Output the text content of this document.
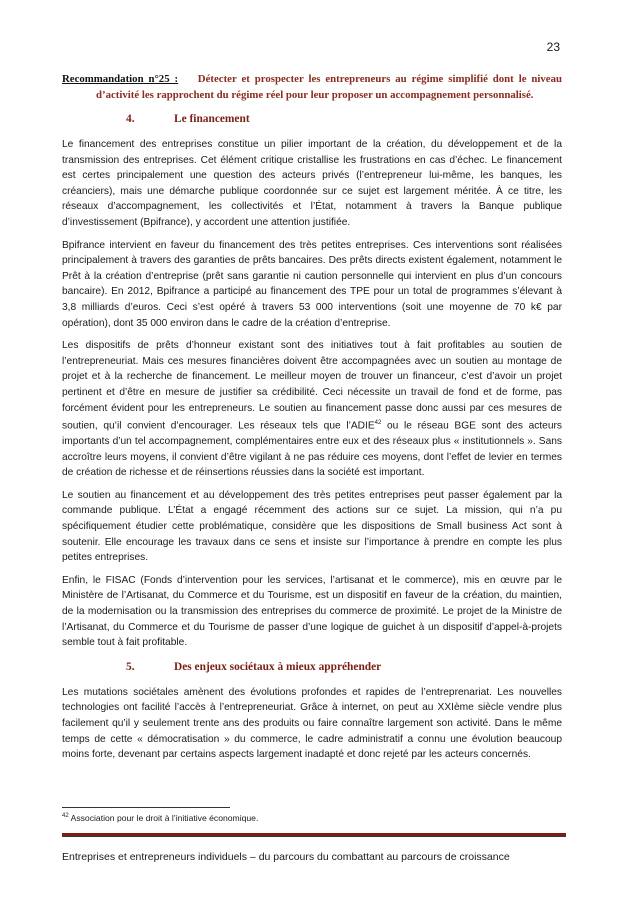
23

Recommandation n°25 : Détecter et prospecter les entrepreneurs au régime simplifié dont le niveau d’activité les rapprochent du régime réel pour leur proposer un accompagnement personnalisé.

4.	Le financement

Le financement des entreprises constitue un pilier important de la création, du développement et de la transmission des entreprises. Cet élément critique cristallise les frustrations en cas d’échec. Le financement est certes principalement une question des acteurs privés (l’entrepreneur lui-même, les banques, les créanciers), mais une démarche publique coordonnée sur ce sujet est largement méritée. À ce titre, les réseaux d’accompagnement, les collectivités et l’État, notamment à travers la Banque publique d’investissement (Bpifrance), y accordent une attention justifiée.

Bpifrance intervient en faveur du financement des très petites entreprises. Ces interventions sont réalisées principalement à travers des garanties de prêts bancaires. Des prêts directs existent également, notamment le Prêt à la création d’entreprise (prêt sans garantie ni caution personnelle qui intervient en plus d’un concours bancaire). En 2012, Bpifrance a participé au financement des TPE pour un total de programmes s’élevant à 3,8 milliards d’euros. Ceci s’est opéré à travers 53 000 interventions (soit une moyenne de 70 k€ par opération), dont 35 000 environ dans le cadre de la création d’entreprise.

Les dispositifs de prêts d’honneur existant sont des initiatives tout à fait profitables au soutien de l’entrepreneuriat. Mais ces mesures financières doivent être accompagnées avec un soutien au montage de projet et à la recherche de financement. Le meilleur moyen de trouver un financeur, c’est d’avoir un projet pertinent et d’être en mesure de justifier sa crédibilité. Ceci nécessite un travail de fond et de forme, pas forcément évident pour les entrepreneurs. Le soutien au financement passe donc aussi par ces mesures de soutien, qu’il convient d’encourager. Les réseaux tels que l’ADIE$^{42}$ ou le réseau BGE sont des acteurs importants d’un tel accompagnement, complémentaires entre eux et des réseaux plus « institutionnels ». Sans accroître leurs moyens, il convient d’être vigilant à ne pas réduire ces moyens, dont l’effet de levier en termes de création de richesse et de réinsertions réussies dans la société est important.

Le soutien au financement et au développement des très petites entreprises peut passer également par la commande publique. L’État a engagé récemment des actions sur ce sujet. La mission, qui n’a pu spécifiquement étudier cette problématique, considère que les dispositions de Small business Act sont à soutenir. Elle encourage les travaux dans ce sens et insiste sur l’importance à prendre en compte les plus petites entreprises.

Enfin, le FISAC (Fonds d’intervention pour les services, l’artisanat et le commerce), mis en œuvre par le Ministère de l’Artisanat, du Commerce et du Tourisme, est un dispositif en faveur de la création, du maintien, de la modernisation ou la transmission des entreprises du commerce de proximité. Le projet de la Ministre de l’Artisanat, du Commerce et du Tourisme de passer d’une logique de guichet à un dispositif d’appel-à-projets semble tout à fait profitable.

5.	Des enjeux sociétaux à mieux appréhender

Les mutations sociétales amènent des évolutions profondes et rapides de l’entreprenariat. Les nouvelles technologies ont facilité l’accès à l’entrepreneuriat. Grâce à internet, on peut au XXIème siècle vendre plus facilement qu’il y seulement trente ans des produits ou faire connaître largement son activité. Dans le même temps de cette « démocratisation » du commerce, le cadre administratif a connu une évolution beaucoup moins forte, devenant par certains aspects largement inadapté et donc rejeté par les acteurs concernés.

$^{42}$ Association pour le droit à l’initiative économique.
Entreprises et entrepreneurs individuels – du parcours du combattant au parcours de croissance
